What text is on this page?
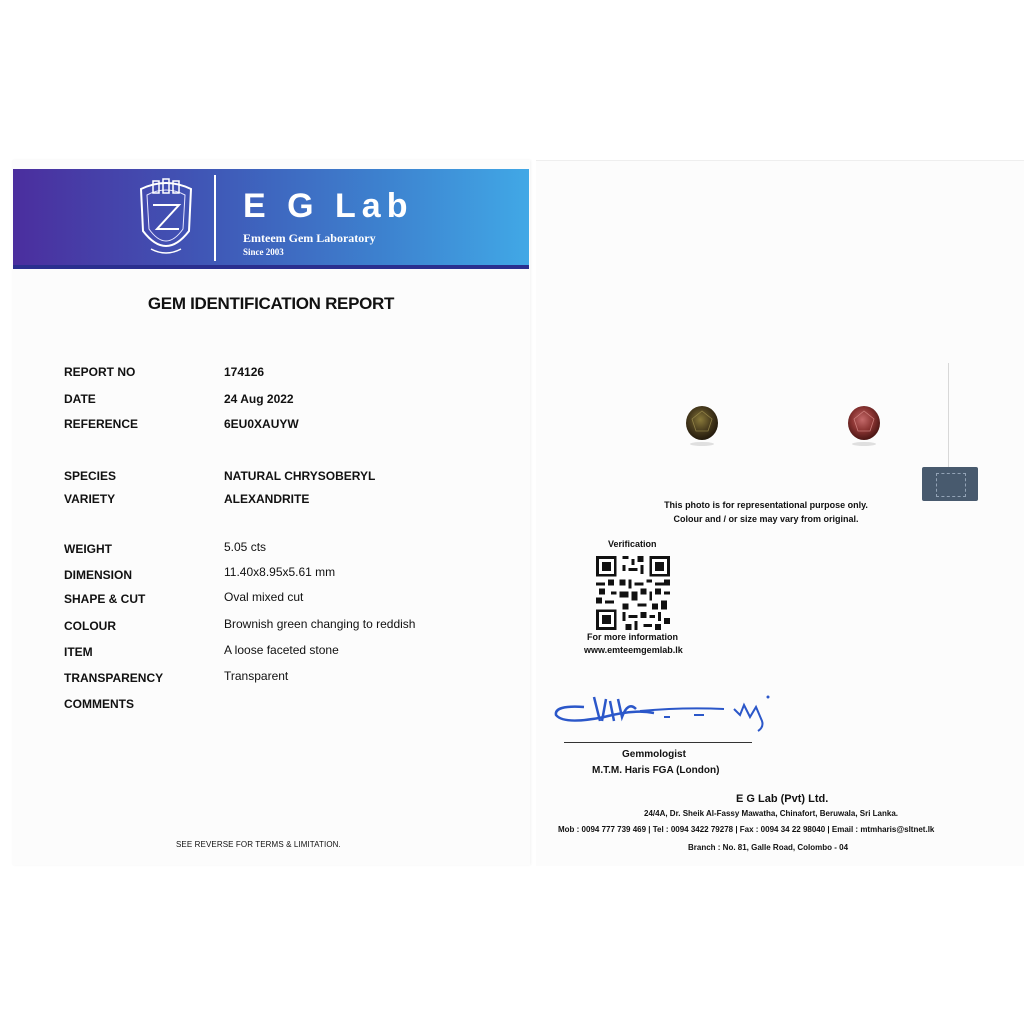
E G Lab
Emteem Gem Laboratory
Since 2003
GEM IDENTIFICATION REPORT
REPORT NO	174126
DATE	24 Aug 2022
REFERENCE	6EU0XAUYW
SPECIES	NATURAL CHRYSOBERYL
VARIETY	ALEXANDRITE
WEIGHT	5.05 cts
DIMENSION	11.40x8.95x5.61 mm
SHAPE & CUT	Oval mixed cut
COLOUR	Brownish green changing to reddish
ITEM	A loose faceted stone
TRANSPARENCY	Transparent
COMMENTS
SEE REVERSE FOR TERMS & LIMITATION.
This photo is for representational purpose only.
Colour and / or size may vary from original.
Verification
For more information
www.emteemgemlab.lk
Gemmologist
M.T.M. Haris FGA (London)
E G Lab (Pvt) Ltd.
24/4A, Dr. Sheik Al-Fassy Mawatha, Chinafort, Beruwala, Sri Lanka.
Mob : 0094 777 739 469 | Tel : 0094 3422 79278 | Fax : 0094 34 22 98040 | Email : mtmharis@sltnet.lk
Branch : No. 81, Galle Road, Colombo - 04
